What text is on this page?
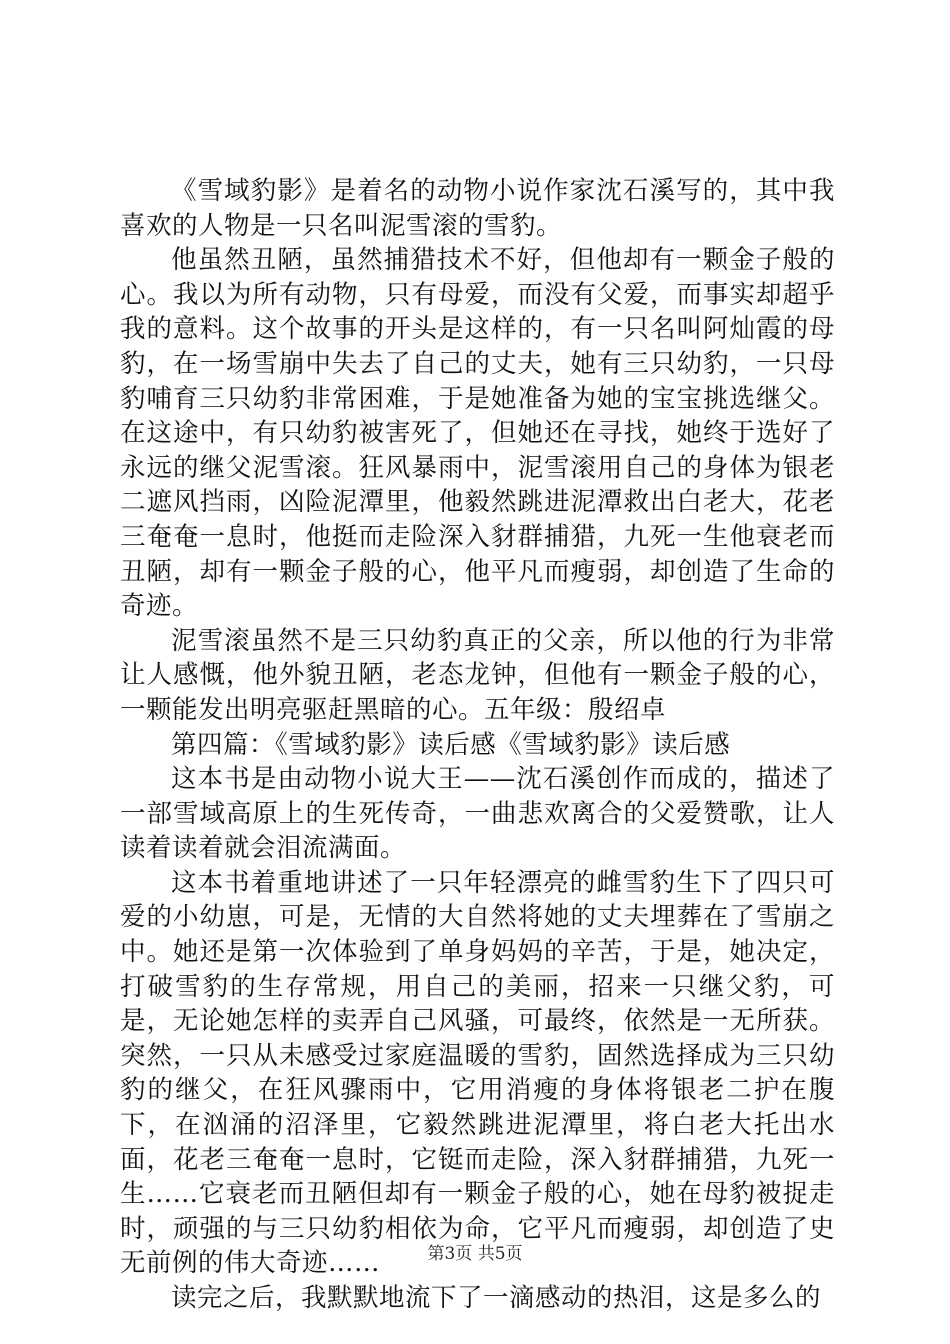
《雪域豹影》是着名的动物小说作家沈石溪写的，其中我喜欢的人物是一只名叫泥雪滚的雪豹。

他虽然丑陋，虽然捕猎技术不好，但他却有一颗金子般的心。我以为所有动物，只有母爱，而没有父爱，而事实却超乎我的意料。这个故事的开头是这样的，有一只名叫阿灿霞的母豹，在一场雪崩中失去了自己的丈夫，她有三只幼豹，一只母豹哺育三只幼豹非常困难，于是她准备为她的宝宝挑选继父。在这途中，有只幼豹被害死了，但她还在寻找，她终于选好了永远的继父泥雪滚。狂风暴雨中，泥雪滚用自己的身体为银老二遮风挡雨，凶险泥潭里，他毅然跳进泥潭救出白老大，花老三奄奄一息时，他挺而走险深入豺群捕猎，九死一生他衰老而丑陋，却有一颗金子般的心，他平凡而瘦弱，却创造了生命的奇迹。

泥雪滚虽然不是三只幼豹真正的父亲，所以他的行为非常让人感慨，他外貌丑陋，老态龙钟，但他有一颗金子般的心，一颗能发出明亮驱赶黑暗的心。五年级：殷绍卓

第四篇：《雪域豹影》读后感《雪域豹影》读后感

这本书是由动物小说大王——沈石溪创作而成的，描述了一部雪域高原上的生死传奇，一曲悲欢离合的父爱赞歌，让人读着读着就会泪流满面。

这本书着重地讲述了一只年轻漂亮的雌雪豹生下了四只可爱的小幼崽，可是，无情的大自然将她的丈夫埋葬在了雪崩之中。她还是第一次体验到了单身妈妈的辛苦，于是，她决定，打破雪豹的生存常规，用自己的美丽，招来一只继父豹，可是，无论她怎样的卖弄自己风骚，可最终，依然是一无所获。突然，一只从未感受过家庭温暖的雪豹，固然选择成为三只幼豹的继父，在狂风骤雨中，它用消瘦的身体将银老二护在腹下，在汹涌的沼泽里，它毅然跳进泥潭里，将白老大托出水面，花老三奄奄一息时，它铤而走险，深入豺群捕猎，九死一生……它衰老而丑陋但却有一颗金子般的心，她在母豹被捉走时，顽强的与三只幼豹相依为命，它平凡而瘦弱，却创造了史无前例的伟大奇迹……

读完之后，我默默地流下了一滴感动的热泪，这是多么的

第3页 共5页
